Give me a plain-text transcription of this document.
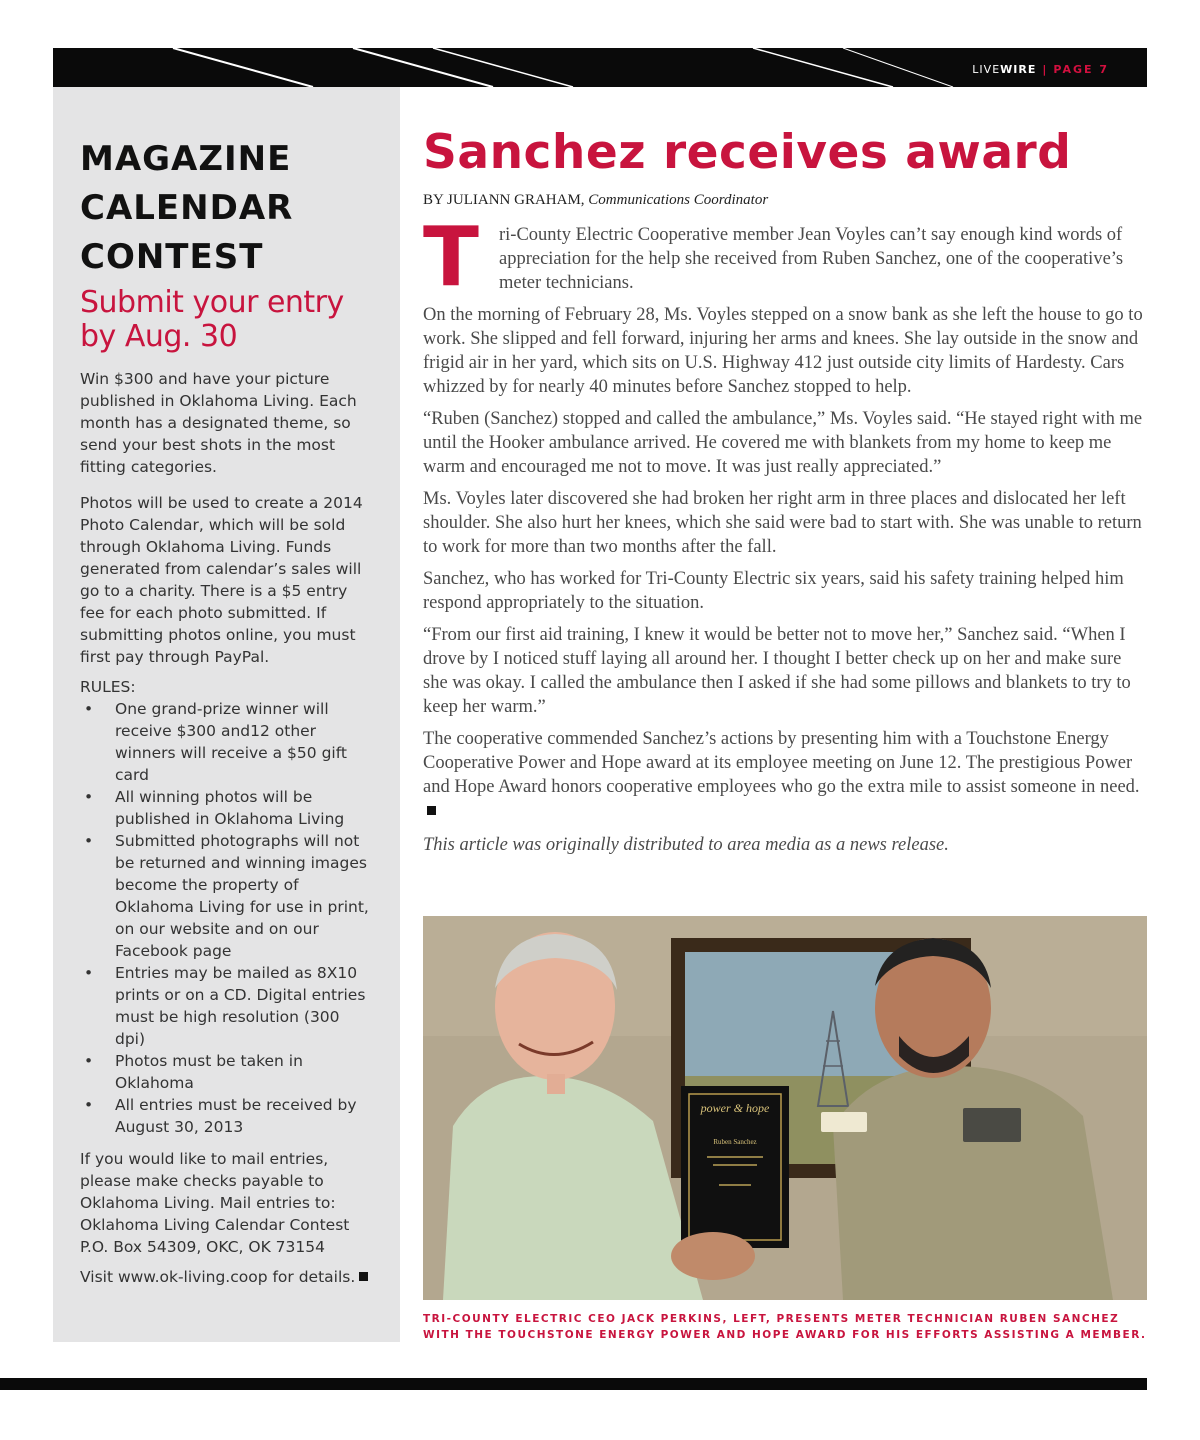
LIVEWIRE | PAGE 7
MAGAZINE
CALENDAR
CONTEST
Submit your entry
by Aug. 30

Win $300 and have your picture published in Oklahoma Living. Each month has a designated theme, so send your best shots in the most fitting categories.

Photos will be used to create a 2014 Photo Calendar, which will be sold through Oklahoma Living. Funds generated from calendar’s sales will go to a charity. There is a $5 entry fee for each photo submitted. If submitting photos online, you must first pay through PayPal.

RULES:
• One grand-prize winner will receive $300 and12 other winners will receive a $50 gift card
• All winning photos will be published in Oklahoma Living
• Submitted photographs will not be returned and winning images become the property of Oklahoma Living for use in print, on our website and on our Facebook page
• Entries may be mailed as 8X10 prints or on a CD. Digital entries must be high resolution (300 dpi)
• Photos must be taken in Oklahoma
• All entries must be received by August 30, 2013

If you would like to mail entries, please make checks payable to Oklahoma Living. Mail entries to:
Oklahoma Living Calendar Contest
P.O. Box 54309, OKC, OK 73154

Visit www.ok-living.coop for details.

Sanchez receives award
BY JULIANN GRAHAM, Communications Coordinator

T ri-County Electric Cooperative member Jean Voyles can’t say enough kind words of appreciation for the help she received from Ruben Sanchez, one of the cooperative’s meter technicians.

On the morning of February 28, Ms. Voyles stepped on a snow bank as she left the house to go to work. She slipped and fell forward, injuring her arms and knees. She lay outside in the snow and frigid air in her yard, which sits on U.S. Highway 412 just outside city limits of Hardesty. Cars whizzed by for nearly 40 minutes before Sanchez stopped to help.

“Ruben (Sanchez) stopped and called the ambulance,” Ms. Voyles said. “He stayed right with me until the Hooker ambulance arrived. He covered me with blankets from my home to keep me warm and encouraged me not to move. It was just really appreciated.”

Ms. Voyles later discovered she had broken her right arm in three places and dislocated her left shoulder. She also hurt her knees, which she said were bad to start with. She was unable to return to work for more than two months after the fall.

Sanchez, who has worked for Tri-County Electric six years, said his safety training helped him respond appropriately to the situation.

“From our first aid training, I knew it would be better not to move her,” Sanchez said. “When I drove by I noticed stuff laying all around her. I thought I better check up on her and make sure she was okay. I called the ambulance then I asked if she had some pillows and blankets to try to keep her warm.”

The cooperative commended Sanchez’s actions by presenting him with a Touchstone Energy Cooperative Power and Hope award at its employee meeting on June 12. The prestigious Power and Hope Award honors cooperative employees who go the extra mile to assist someone in need.

This article was originally distributed to area media as a news release.

power & hope
Ruben Sanchez
TRI-COUNTY ELECTRIC CEO JACK PERKINS, LEFT, PRESENTS METER TECHNICIAN RUBEN SANCHEZ WITH THE TOUCHSTONE ENERGY POWER AND HOPE AWARD FOR HIS EFFORTS ASSISTING A MEMBER.
